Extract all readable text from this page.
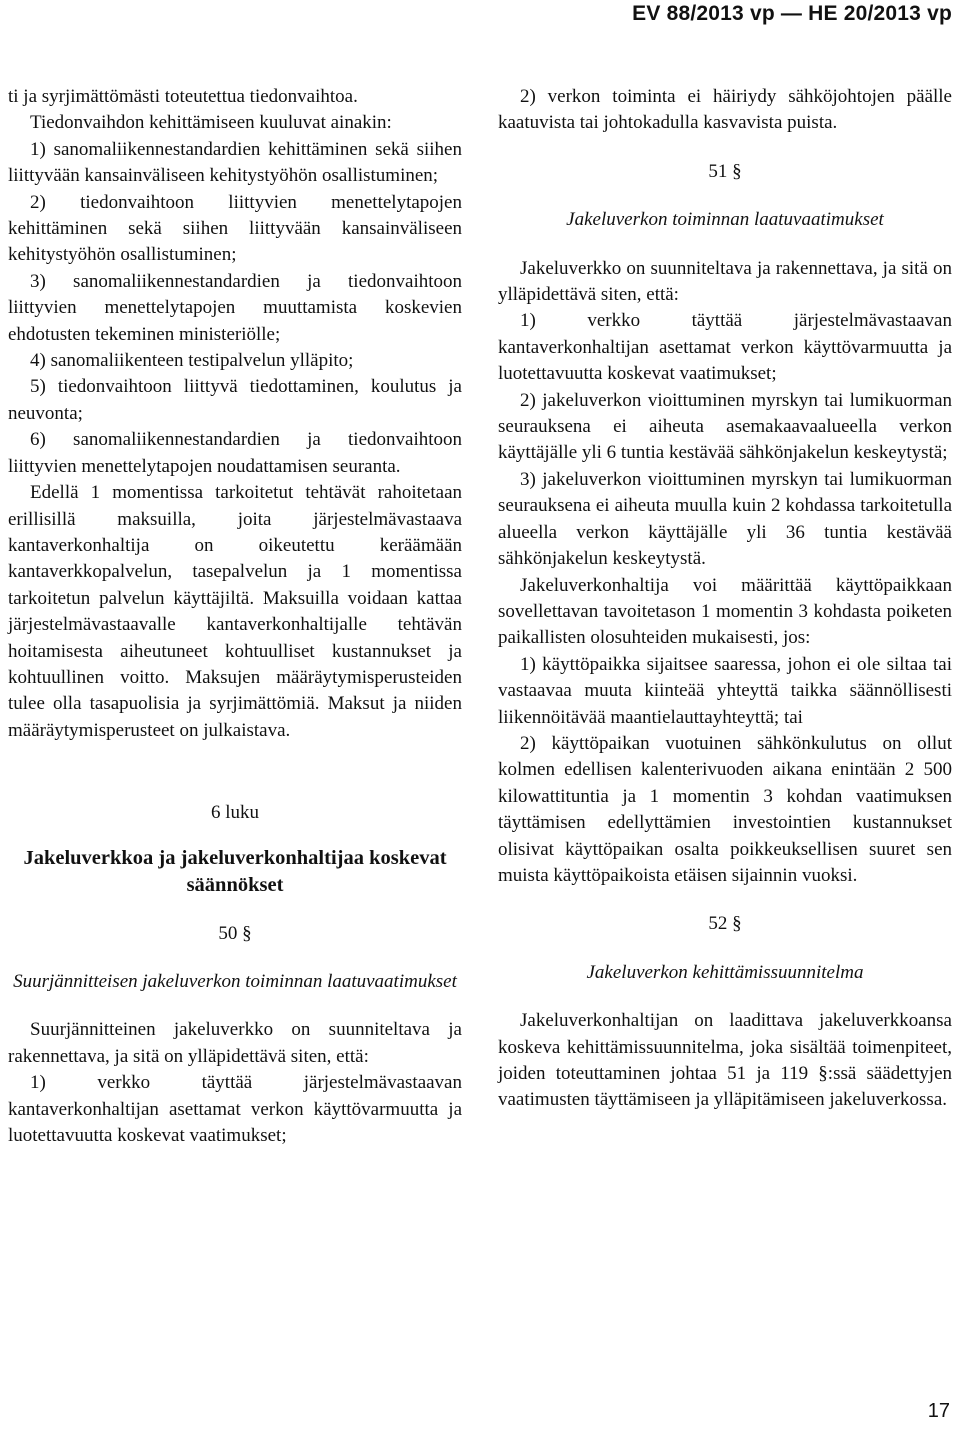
EV 88/2013 vp — HE 20/2013 vp

ti ja syrjimättömästi toteutettua tiedonvaihtoa.

Tiedonvaihdon kehittämiseen kuuluvat ainakin:

1) sanomaliikennestandardien kehittäminen sekä siihen liittyvään kansainväliseen kehitystyöhön osallistuminen;

2) tiedonvaihtoon liittyvien menettelytapojen kehittäminen sekä siihen liittyvään kansainväliseen kehitystyöhön osallistuminen;

3) sanomaliikennestandardien ja tiedonvaihtoon liittyvien menettelytapojen muuttamista koskevien ehdotusten tekeminen ministeriölle;

4) sanomaliikenteen testipalvelun ylläpito;

5) tiedonvaihtoon liittyvä tiedottaminen, koulutus ja neuvonta;

6) sanomaliikennestandardien ja tiedonvaihtoon liittyvien menettelytapojen noudattamisen seuranta.

Edellä 1 momentissa tarkoitetut tehtävät rahoitetaan erillisillä maksuilla, joita järjestelmävastaava kantaverkonhaltija on oikeutettu keräämään kantaverkkopalvelun, tasepalvelun ja 1 momentissa tarkoitetun palvelun käyttäjiltä. Maksuilla voidaan kattaa järjestelmävastaavalle kantaverkonhaltijalle tehtävän hoitamisesta aiheutuneet kohtuulliset kustannukset ja kohtuullinen voitto. Maksujen määräytymisperusteiden tulee olla tasapuolisia ja syrjimättömiä. Maksut ja niiden määräytymisperusteet on julkaistava.

6 luku

Jakeluverkkoa ja jakeluverkonhaltijaa koskevat säännökset

50 §

Suurjännitteisen jakeluverkon toiminnan laatuvaatimukset

Suurjännitteinen jakeluverkko on suunniteltava ja rakennettava, ja sitä on ylläpidettävä siten, että:

1) verkko täyttää järjestelmävastaavan kantaverkonhaltijan asettamat verkon käyttövarmuutta ja luotettavuutta koskevat vaatimukset;

2) verkon toiminta ei häiriydy sähköjohtojen päälle kaatuvista tai johtokadulla kasvavista puista.

51 §

Jakeluverkon toiminnan laatuvaatimukset

Jakeluverkko on suunniteltava ja rakennettava, ja sitä on ylläpidettävä siten, että:

1) verkko täyttää järjestelmävastaavan kantaverkonhaltijan asettamat verkon käyttövarmuutta ja luotettavuutta koskevat vaatimukset;

2) jakeluverkon vioittuminen myrskyn tai lumikuorman seurauksena ei aiheuta asemakaavaalueella verkon käyttäjälle yli 6 tuntia kestävää sähkönjakelun keskeytystä;

3) jakeluverkon vioittuminen myrskyn tai lumikuorman seurauksena ei aiheuta muulla kuin 2 kohdassa tarkoitetulla alueella verkon käyttäjälle yli 36 tuntia kestävää sähkönjakelun keskeytystä.

Jakeluverkonhaltija voi määrittää käyttöpaikkaan sovellettavan tavoitetason 1 momentin 3 kohdasta poiketen paikallisten olosuhteiden mukaisesti, jos:

1) käyttöpaikka sijaitsee saaressa, johon ei ole siltaa tai vastaavaa muuta kiinteää yhteyttä taikka säännöllisesti liikennöitävää maantielauttayhteyttä; tai

2) käyttöpaikan vuotuinen sähkönkulutus on ollut kolmen edellisen kalenterivuoden aikana enintään 2 500 kilowattituntia ja 1 momentin 3 kohdan vaatimuksen täyttämisen edellyttämien investointien kustannukset olisivat käyttöpaikan osalta poikkeuksellisen suuret sen muista käyttöpaikoista etäisen sijainnin vuoksi.

52 §

Jakeluverkon kehittämissuunnitelma

Jakeluverkonhaltijan on laadittava jakeluverkkoansa koskeva kehittämissuunnitelma, joka sisältää toimenpiteet, joiden toteuttaminen johtaa 51 ja 119 §:ssä säädettyjen vaatimusten täyttämiseen ja ylläpitämiseen jakeluverkossa.

17
